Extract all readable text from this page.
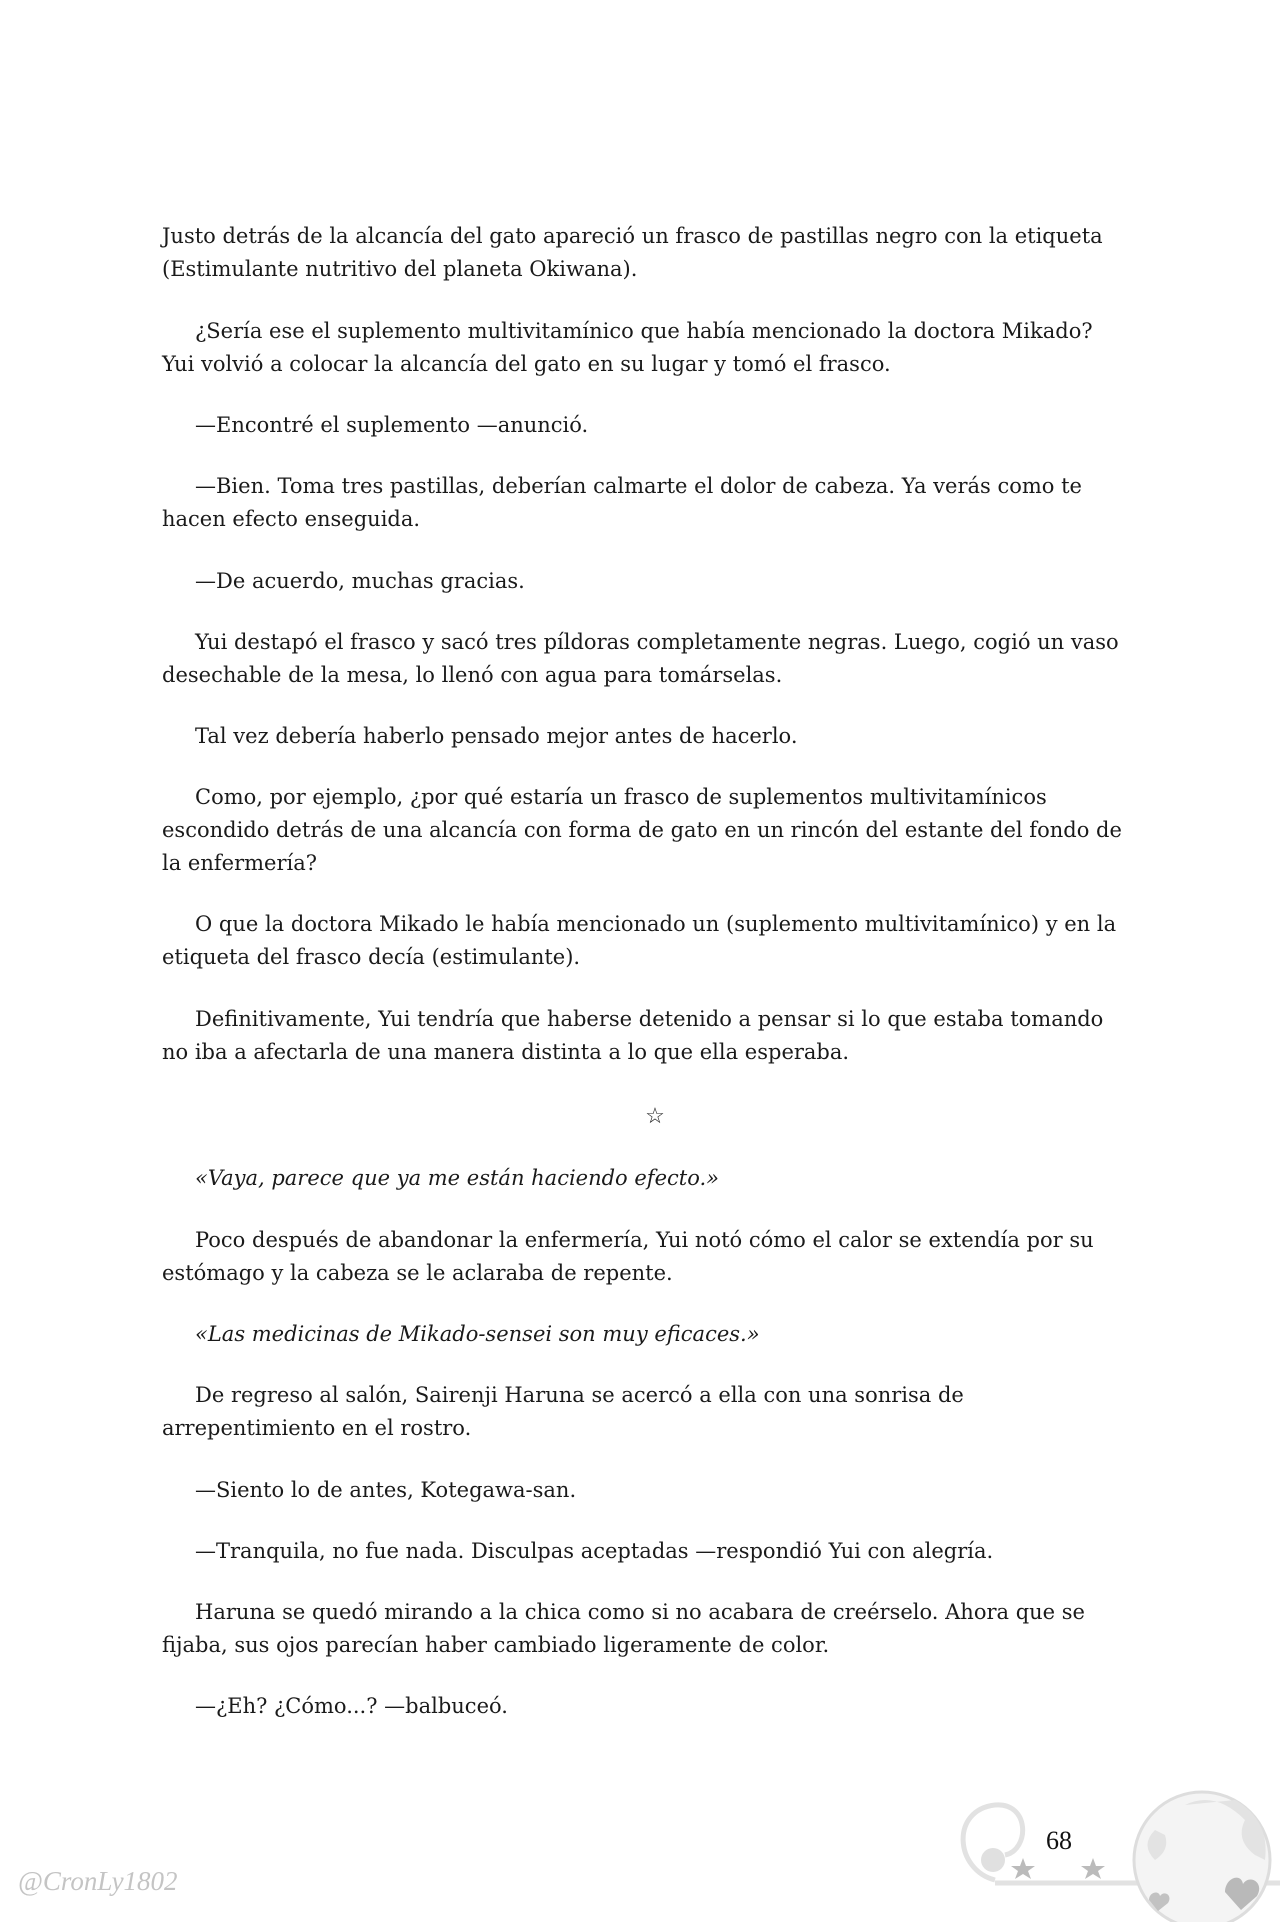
Justo detrás de la alcancía del gato apareció un frasco de pastillas negro con la etiqueta
(Estimulante nutritivo del planeta Okiwana).
¿Sería ese el suplemento multivitamínico que había mencionado la doctora Mikado?
Yui volvió a colocar la alcancía del gato en su lugar y tomó el frasco.
—Encontré el suplemento —anunció.
—Bien. Toma tres pastillas, deberían calmarte el dolor de cabeza. Ya verás como te
hacen efecto enseguida.
—De acuerdo, muchas gracias.
Yui destapó el frasco y sacó tres píldoras completamente negras. Luego, cogió un vaso
desechable de la mesa, lo llenó con agua para tomárselas.
Tal vez debería haberlo pensado mejor antes de hacerlo.
Como, por ejemplo, ¿por qué estaría un frasco de suplementos multivitamínicos
escondido detrás de una alcancía con forma de gato en un rincón del estante del fondo de
la enfermería?
O que la doctora Mikado le había mencionado un (suplemento multivitamínico) y en la
etiqueta del frasco decía (estimulante).
Definitivamente, Yui tendría que haberse detenido a pensar si lo que estaba tomando
no iba a afectarla de una manera distinta a lo que ella esperaba.
«Vaya, parece que ya me están haciendo efecto.»
Poco después de abandonar la enfermería, Yui notó cómo el calor se extendía por su
estómago y la cabeza se le aclaraba de repente.
«Las medicinas de Mikado-sensei son muy eficaces.»
De regreso al salón, Sairenji Haruna se acercó a ella con una sonrisa de
arrepentimiento en el rostro.
—Siento lo de antes, Kotegawa-san.
—Tranquila, no fue nada. Disculpas aceptadas —respondió Yui con alegría.
Haruna se quedó mirando a la chica como si no acabara de creérselo. Ahora que se
fijaba, sus ojos parecían haber cambiado ligeramente de color.
—¿Eh? ¿Cómo...? —balbuceó.
☆
68
@CronLy1802
